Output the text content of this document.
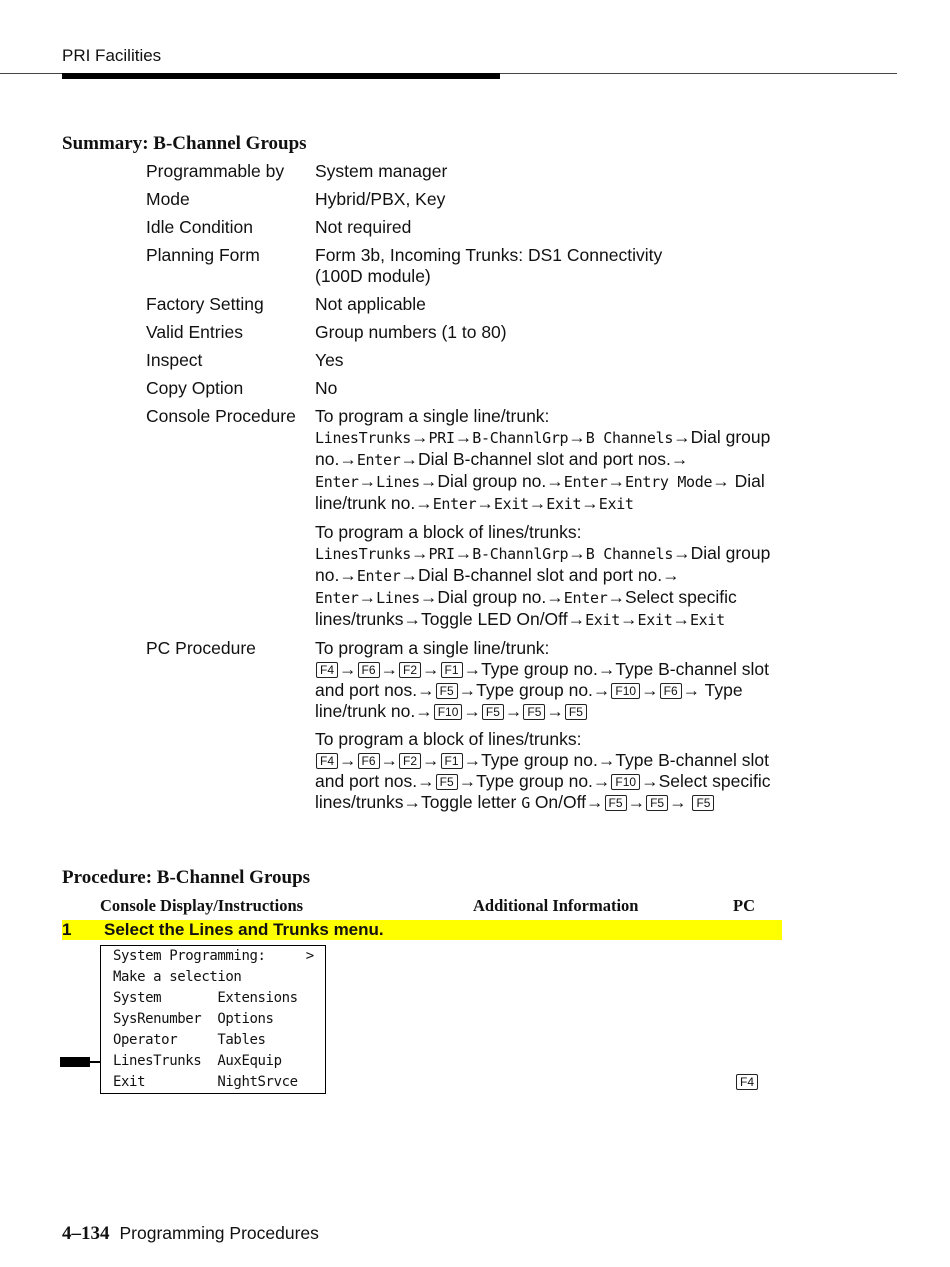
PRI Facilities
Summary: B-Channel Groups
Programmable by	System manager
Mode	Hybrid/PBX, Key
Idle Condition	Not required
Planning Form	Form 3b, Incoming Trunks: DS1 Connectivity
(100D module)

Factory Setting	Not applicable
Valid Entries	Group numbers (1 to 80)
Inspect	Yes
Copy Option	No
Console Procedure	To program a single line/trunk:
LinesTrunks→PRI→B-ChannlGrp→B Channels→Dial group no.→Enter→Dial B-channel slot and port nos.→ Enter→Lines→Dial group no.→Enter→Entry Mode→ Dial line/trunk no.→Enter→Exit→Exit→Exit
To program a block of lines/trunks:
LinesTrunks→PRI→B-ChannlGrp→B Channels→Dial group no.→Enter→Dial B-channel slot and port no.→ Enter→Lines→Dial group no.→Enter→Select specific lines/trunks→Toggle LED On/Off→Exit→Exit→Exit

PC Procedure	To program a single line/trunk:
F4 → F6 → F2 → F1 →Type group no.→Type B-channel slot and port nos.→ F5 →Type group no.→ F10 → F6 → Type line/trunk no.→ F10 → F5 → F5 → F5
To program a block of lines/trunks:
F4 → F6 → F2 → F1 →Type group no.→Type B-channel slot and port nos.→ F5 →Type group no.→ F10 →Select specific lines/trunks→Toggle letter G On/Off→ F5 → F5 → F5
Procedure: B-Channel Groups
Console Display/Instructions	Additional Information	PC
1 Select the Lines and Trunks menu.
System Programming:     >
Make a selection
System       Extensions
SysRenumber  Options
Operator     Tables
LinesTrunks  AuxEquip
Exit         NightSrvce	F4
4–134 Programming Procedures
